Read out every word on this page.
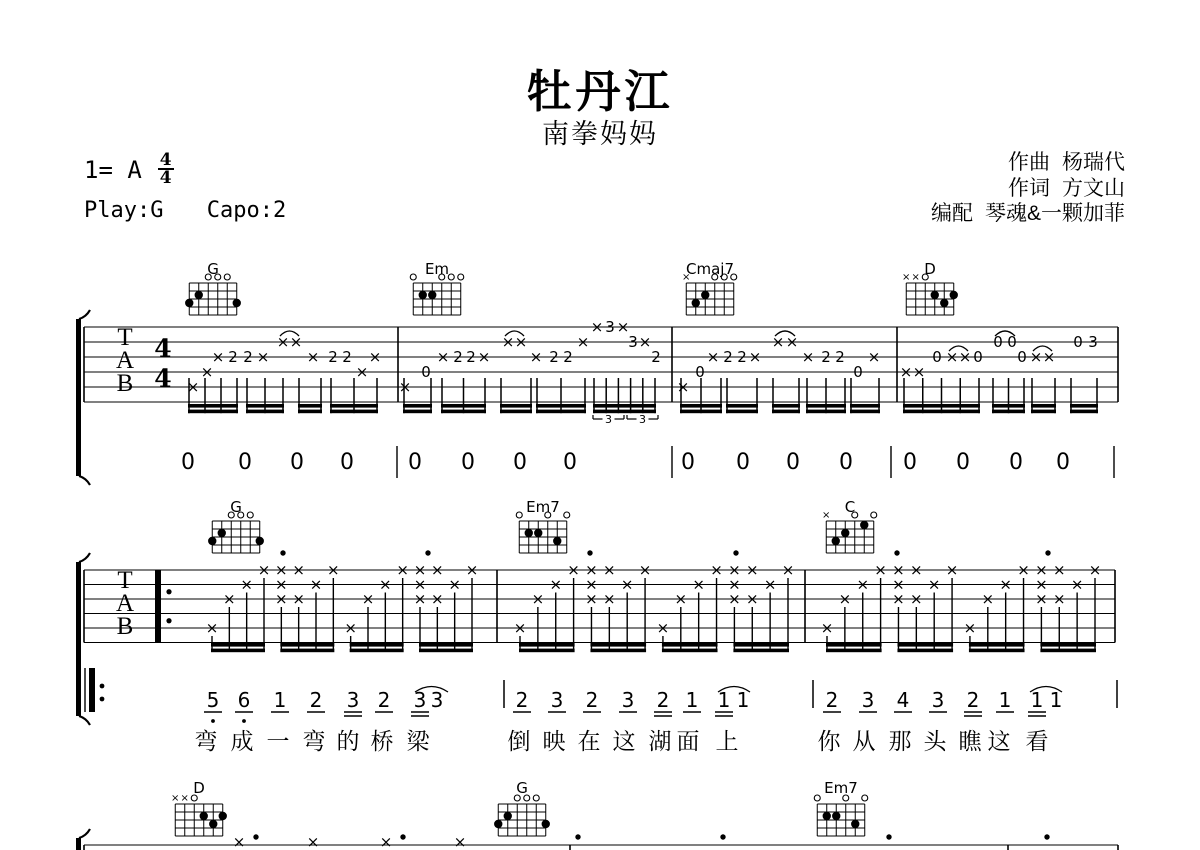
T
A
B
4
4
G	Em	Cmaj7
×	D
× ×
3 3
×
×
× 2 2 ×
× ×
× 2 2
×
×
×
0
× 2 2 ×
× ×
× 2 2
×
× 3 ×
3 ×
2
×
0
× 2 2 ×
× ×
× 2 2
0
×
× ×
0 × × 0
0 0
0 × ×
0 3
T
A
B
G	Em7	C
×
×
×
×
× ×
×
×
×
×
×
×
×
×
×
× ×
×
×
×
×
×
×
×
×
×
× ×
×
×
×
×
×
×
×
×
×
× ×
×
×
×
×
×
×
×
×
×
× ×
×
×
×
×
×
×
×
×
×
× ×
×
×
×
×
×
×
D
× ×
G	Em7
×	×	×	×
0 0 0 0 0 0 0 0	0 0 0 0 0 0 0 0
5 6 1 2 3 2 3 3	2 3 2 3 2 1 1 1	2 3 4 3 2 1 1 1
弯 成 一 弯 的 桥 梁	倒 映 在 这 湖 面 上	你 从 那 头 瞧 这 看
牡丹江
南拳妈妈
1= A $\frac{4}{4}$
Play:G Capo:2
作曲 杨瑞代
作词 方文山
编配 琴魂&一颗加菲
